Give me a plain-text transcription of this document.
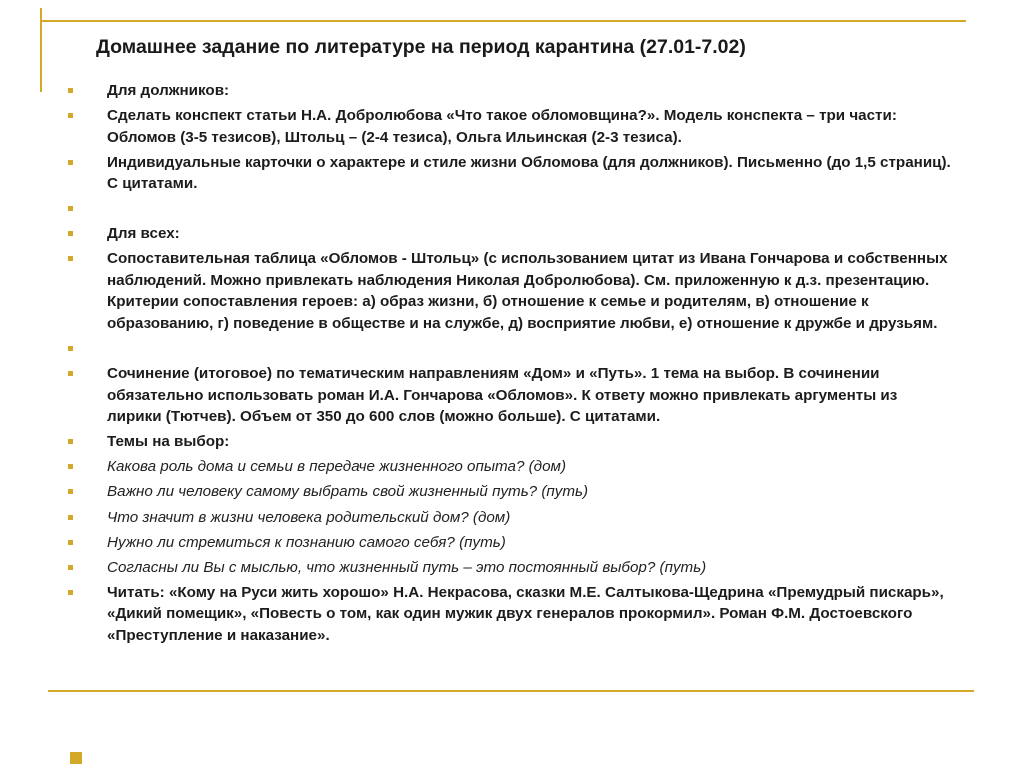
Домашнее задание по литературе на период карантина (27.01-7.02)
Для должников:
Сделать конспект статьи Н.А. Добролюбова «Что такое обломовщина?». Модель конспекта – три части: Обломов (3-5 тезисов), Штольц – (2-4 тезиса), Ольга Ильинская (2-3 тезиса).
Индивидуальные карточки о характере и стиле жизни Обломова (для должников). Письменно (до 1,5 страниц). С цитатами.
Для всех:
Сопоставительная таблица «Обломов - Штольц» (с использованием цитат из Ивана Гончарова и собственных наблюдений. Можно привлекать наблюдения Николая Добролюбова). См. приложенную к д.з. презентацию. Критерии сопоставления героев: а) образ жизни, б) отношение к семье и родителям, в) отношение к образованию, г) поведение в обществе и на службе, д) восприятие любви, е) отношение к дружбе и друзьям.
Сочинение (итоговое) по тематическим направлениям «Дом» и «Путь». 1 тема на выбор. В сочинении обязательно использовать роман И.А. Гончарова «Обломов». К ответу можно привлекать аргументы из лирики (Тютчев). Объем от 350 до 600 слов (можно больше). С цитатами.
Темы на выбор:
Какова роль дома и семьи в передаче жизненного опыта? (дом)
Важно ли человеку самому выбрать свой жизненный путь? (путь)
Что значит в жизни человека родительский дом? (дом)
Нужно ли стремиться к познанию самого себя? (путь)
Согласны ли Вы с мыслью, что жизненный путь – это постоянный выбор? (путь)
Читать: «Кому на Руси жить хорошо» Н.А. Некрасова, сказки М.Е. Салтыкова-Щедрина «Премудрый пискарь», «Дикий помещик», «Повесть о том, как один мужик двух генералов прокормил». Роман Ф.М. Достоевского «Преступление и наказание».
